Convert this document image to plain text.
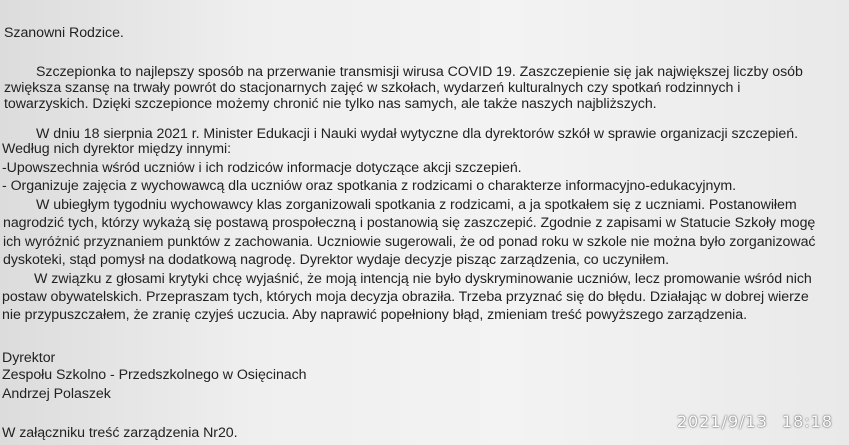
Szanowni Rodzice.
Szczepionka to najlepszy sposób na przerwanie transmisji wirusa COVID 19. Zaszczepienie się jak największej liczby osób
zwiększa szansę na trwały powrót do stacjonarnych zajęć w szkołach, wydarzeń kulturalnych czy spotkań rodzinnych i
towarzyskich. Dzięki szczepionce możemy chronić nie tylko nas samych, ale także naszych najbliższych.
W dniu 18 sierpnia 2021 r. Minister Edukacji i Nauki wydał wytyczne dla dyrektorów szkół w sprawie organizacji szczepień.
Według nich dyrektor między innymi:
-Upowszechnia wśród uczniów i ich rodziców informacje dotyczące akcji szczepień.
- Organizuje zajęcia z wychowawcą dla uczniów oraz spotkania z rodzicami o charakterze informacyjno-edukacyjnym.
W ubiegłym tygodniu wychowawcy klas zorganizowali spotkania z rodzicami, a ja spotkałem się z uczniami. Postanowiłem
nagrodzić tych, którzy wykażą się postawą prospołeczną i postanowią się zaszczepić. Zgodnie z zapisami w Statucie Szkoły mogę
ich wyróżnić przyznaniem punktów z zachowania. Uczniowie sugerowali, że od ponad roku w szkole nie można było zorganizować
dyskoteki, stąd pomysł na dodatkową nagrodę. Dyrektor wydaje decyzje pisząc zarządzenia, co uczyniłem.
W związku z głosami krytyki chcę wyjaśnić, że moją intencją nie było dyskryminowanie uczniów, lecz promowanie wśród nich
postaw obywatelskich. Przepraszam tych, których moja decyzja obraziła. Trzeba przyznać się do błędu. Działając w dobrej wierze
nie przypuszczałem, że zranię czyjeś uczucia. Aby naprawić popełniony błąd, zmieniam treść powyższego zarządzenia.
Dyrektor
Zespołu Szkolno - Przedszkolnego w Osięcinach
Andrzej Polaszek
W załączniku treść zarządzenia Nr20.
2021/9/13 18:18
